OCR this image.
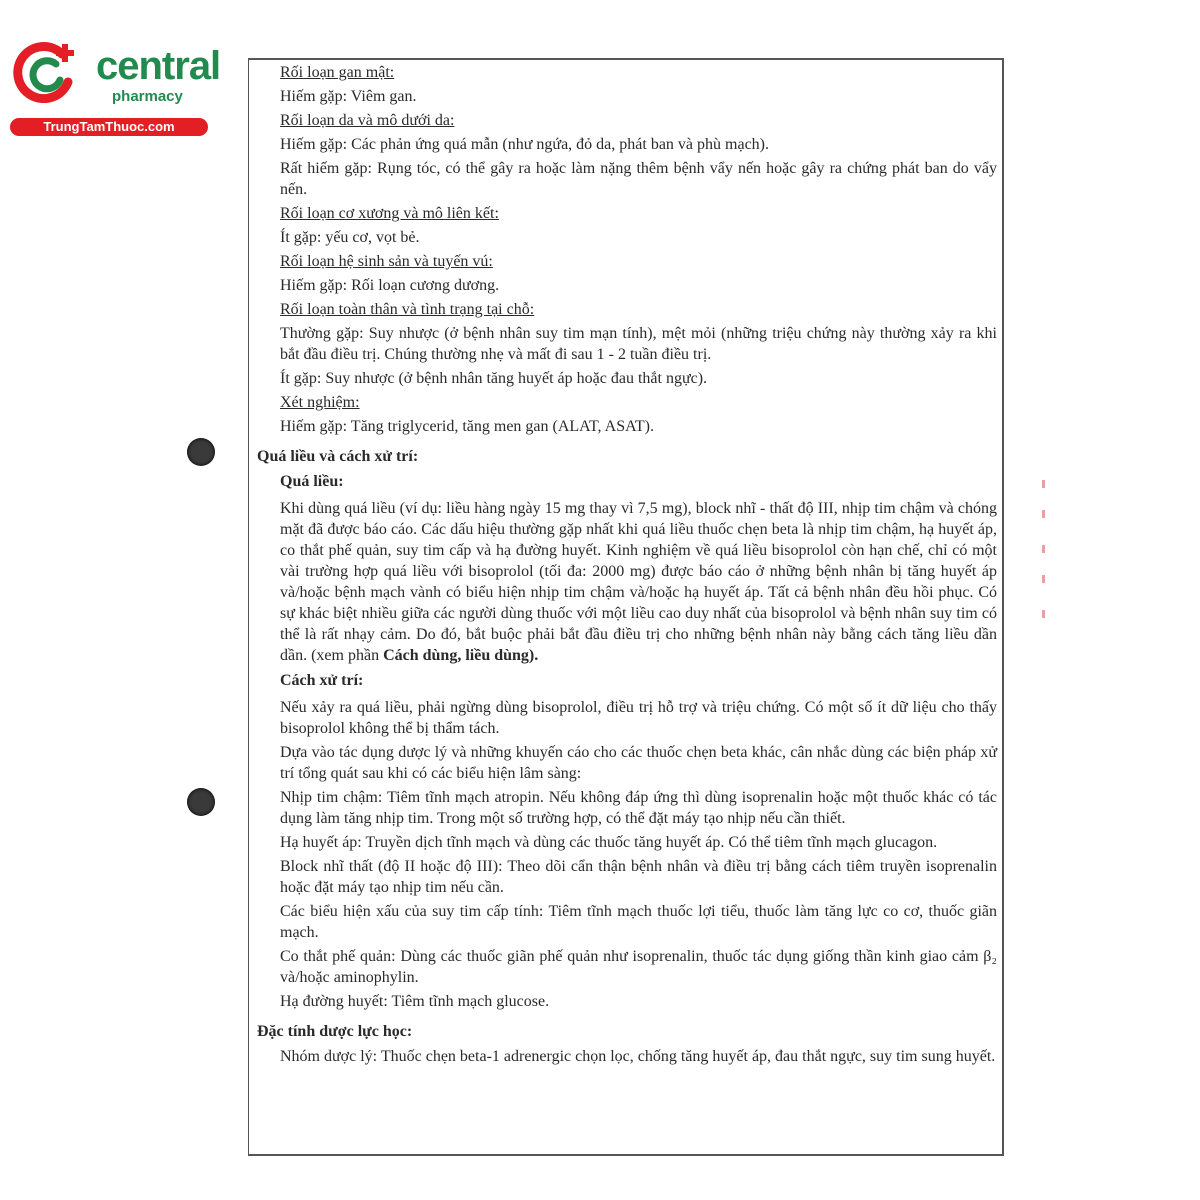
central
pharmacy
TrungTamThuoc.com

Rối loạn gan mật:

Hiếm gặp: Viêm gan.

Rối loạn da và mô dưới da:

Hiếm gặp: Các phản ứng quá mẫn (như ngứa, đỏ da, phát ban và phù mạch).

Rất hiếm gặp: Rụng tóc, có thể gây ra hoặc làm nặng thêm bệnh vẩy nến hoặc gây ra chứng phát ban do vẩy nến.

Rối loạn cơ xương và mô liên kết:

Ít gặp: yếu cơ, vọt bẻ.

Rối loạn hệ sinh sản và tuyến vú:

Hiếm gặp: Rối loạn cương dương.

Rối loạn toàn thân và tình trạng tại chỗ:

Thường gặp: Suy nhược (ở bệnh nhân suy tim mạn tính), mệt mỏi (những triệu chứng này thường xảy ra khi bắt đầu điều trị. Chúng thường nhẹ và mất đi sau 1 - 2 tuần điều trị.

Ít gặp: Suy nhược (ở bệnh nhân tăng huyết áp hoặc đau thắt ngực).

Xét nghiệm:

Hiếm gặp: Tăng triglycerid, tăng men gan (ALAT, ASAT).

Quá liều và cách xử trí:
Quá liều:

Khi dùng quá liều (ví dụ: liều hàng ngày 15 mg thay vì 7,5 mg), block nhĩ - thất độ III, nhịp tim chậm và chóng mặt đã được báo cáo. Các dấu hiệu thường gặp nhất khi quá liều thuốc chẹn beta là nhịp tim chậm, hạ huyết áp, co thắt phế quản, suy tim cấp và hạ đường huyết. Kinh nghiệm về quá liều bisoprolol còn hạn chế, chỉ có một vài trường hợp quá liều với bisoprolol (tối đa: 2000 mg) được báo cáo ở những bệnh nhân bị tăng huyết áp và/hoặc bệnh mạch vành có biểu hiện nhịp tim chậm và/hoặc hạ huyết áp. Tất cả bệnh nhân đều hồi phục. Có sự khác biệt nhiều giữa các người dùng thuốc với một liều cao duy nhất của bisoprolol và bệnh nhân suy tim có thể là rất nhạy cảm. Do đó, bắt buộc phải bắt đầu điều trị cho những bệnh nhân này bằng cách tăng liều dần dần. (xem phần Cách dùng, liều dùng).

Cách xử trí:

Nếu xảy ra quá liều, phải ngừng dùng bisoprolol, điều trị hỗ trợ và triệu chứng. Có một số ít dữ liệu cho thấy bisoprolol không thể bị thẩm tách.

Dựa vào tác dụng dược lý và những khuyến cáo cho các thuốc chẹn beta khác, cân nhắc dùng các biện pháp xử trí tổng quát sau khi có các biểu hiện lâm sàng:

Nhịp tim chậm: Tiêm tĩnh mạch atropin. Nếu không đáp ứng thì dùng isoprenalin hoặc một thuốc khác có tác dụng làm tăng nhịp tim. Trong một số trường hợp, có thể đặt máy tạo nhịp nếu cần thiết.

Hạ huyết áp: Truyền dịch tĩnh mạch và dùng các thuốc tăng huyết áp. Có thể tiêm tĩnh mạch glucagon.

Block nhĩ thất (độ II hoặc độ III): Theo dõi cẩn thận bệnh nhân và điều trị bằng cách tiêm truyền isoprenalin hoặc đặt máy tạo nhịp tim nếu cần.

Các biểu hiện xấu của suy tim cấp tính: Tiêm tĩnh mạch thuốc lợi tiểu, thuốc làm tăng lực co cơ, thuốc giãn mạch.

Co thắt phế quản: Dùng các thuốc giãn phế quản như isoprenalin, thuốc tác dụng giống thần kinh giao cảm β₂ và/hoặc aminophylin.

Hạ đường huyết: Tiêm tĩnh mạch glucose.

Đặc tính dược lực học:

Nhóm dược lý: Thuốc chẹn beta-1 adrenergic chọn lọc, chống tăng huyết áp, đau thắt ngực, suy tim sung huyết.
